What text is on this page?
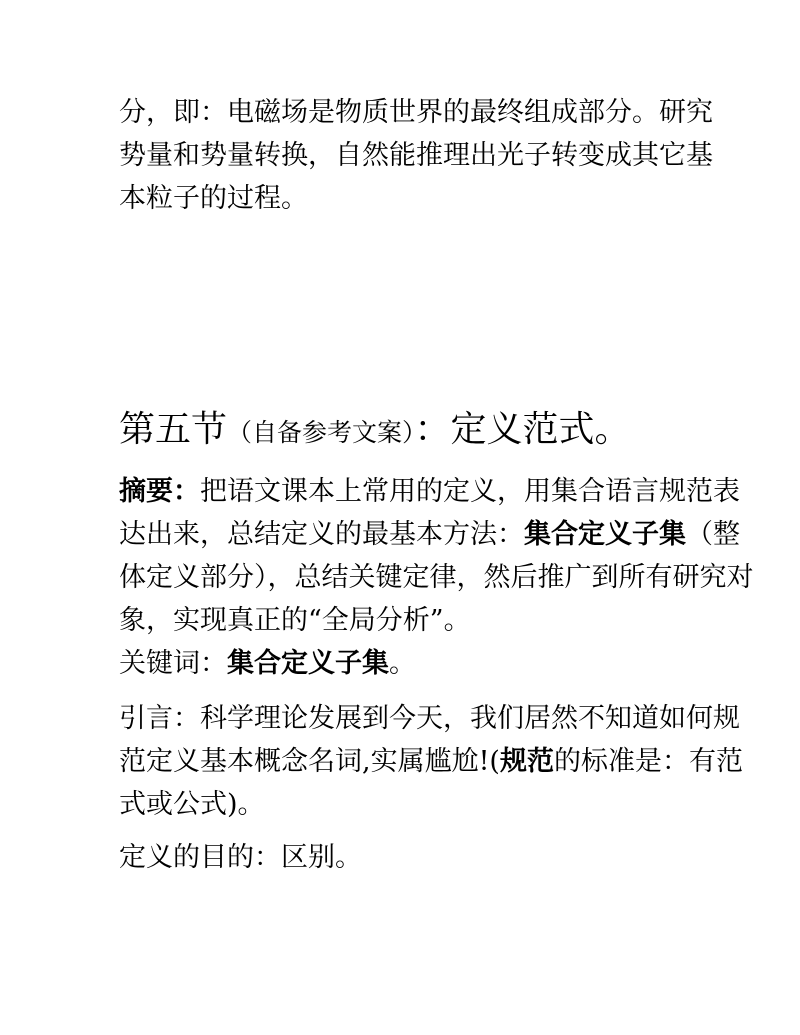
分，即：电磁场是物质世界的最终组成部分。研究
势量和势量转换，自然能推理出光子转变成其它基
本粒子的过程。

第五节（自备参考文案）：定义范式。

摘要：把语文课本上常用的定义，用集合语言规范表达出来，总结定义的最基本方法：集合定义子集（整体定义部分），总结关键定律，然后推广到所有研究对象，实现真正的“全局分析”。

关键词：集合定义子集。

引言：科学理论发展到今天，我们居然不知道如何规范定义基本概念名词,实属尴尬!(规范的标准是：有范式或公式)。

定义的目的：区别。
